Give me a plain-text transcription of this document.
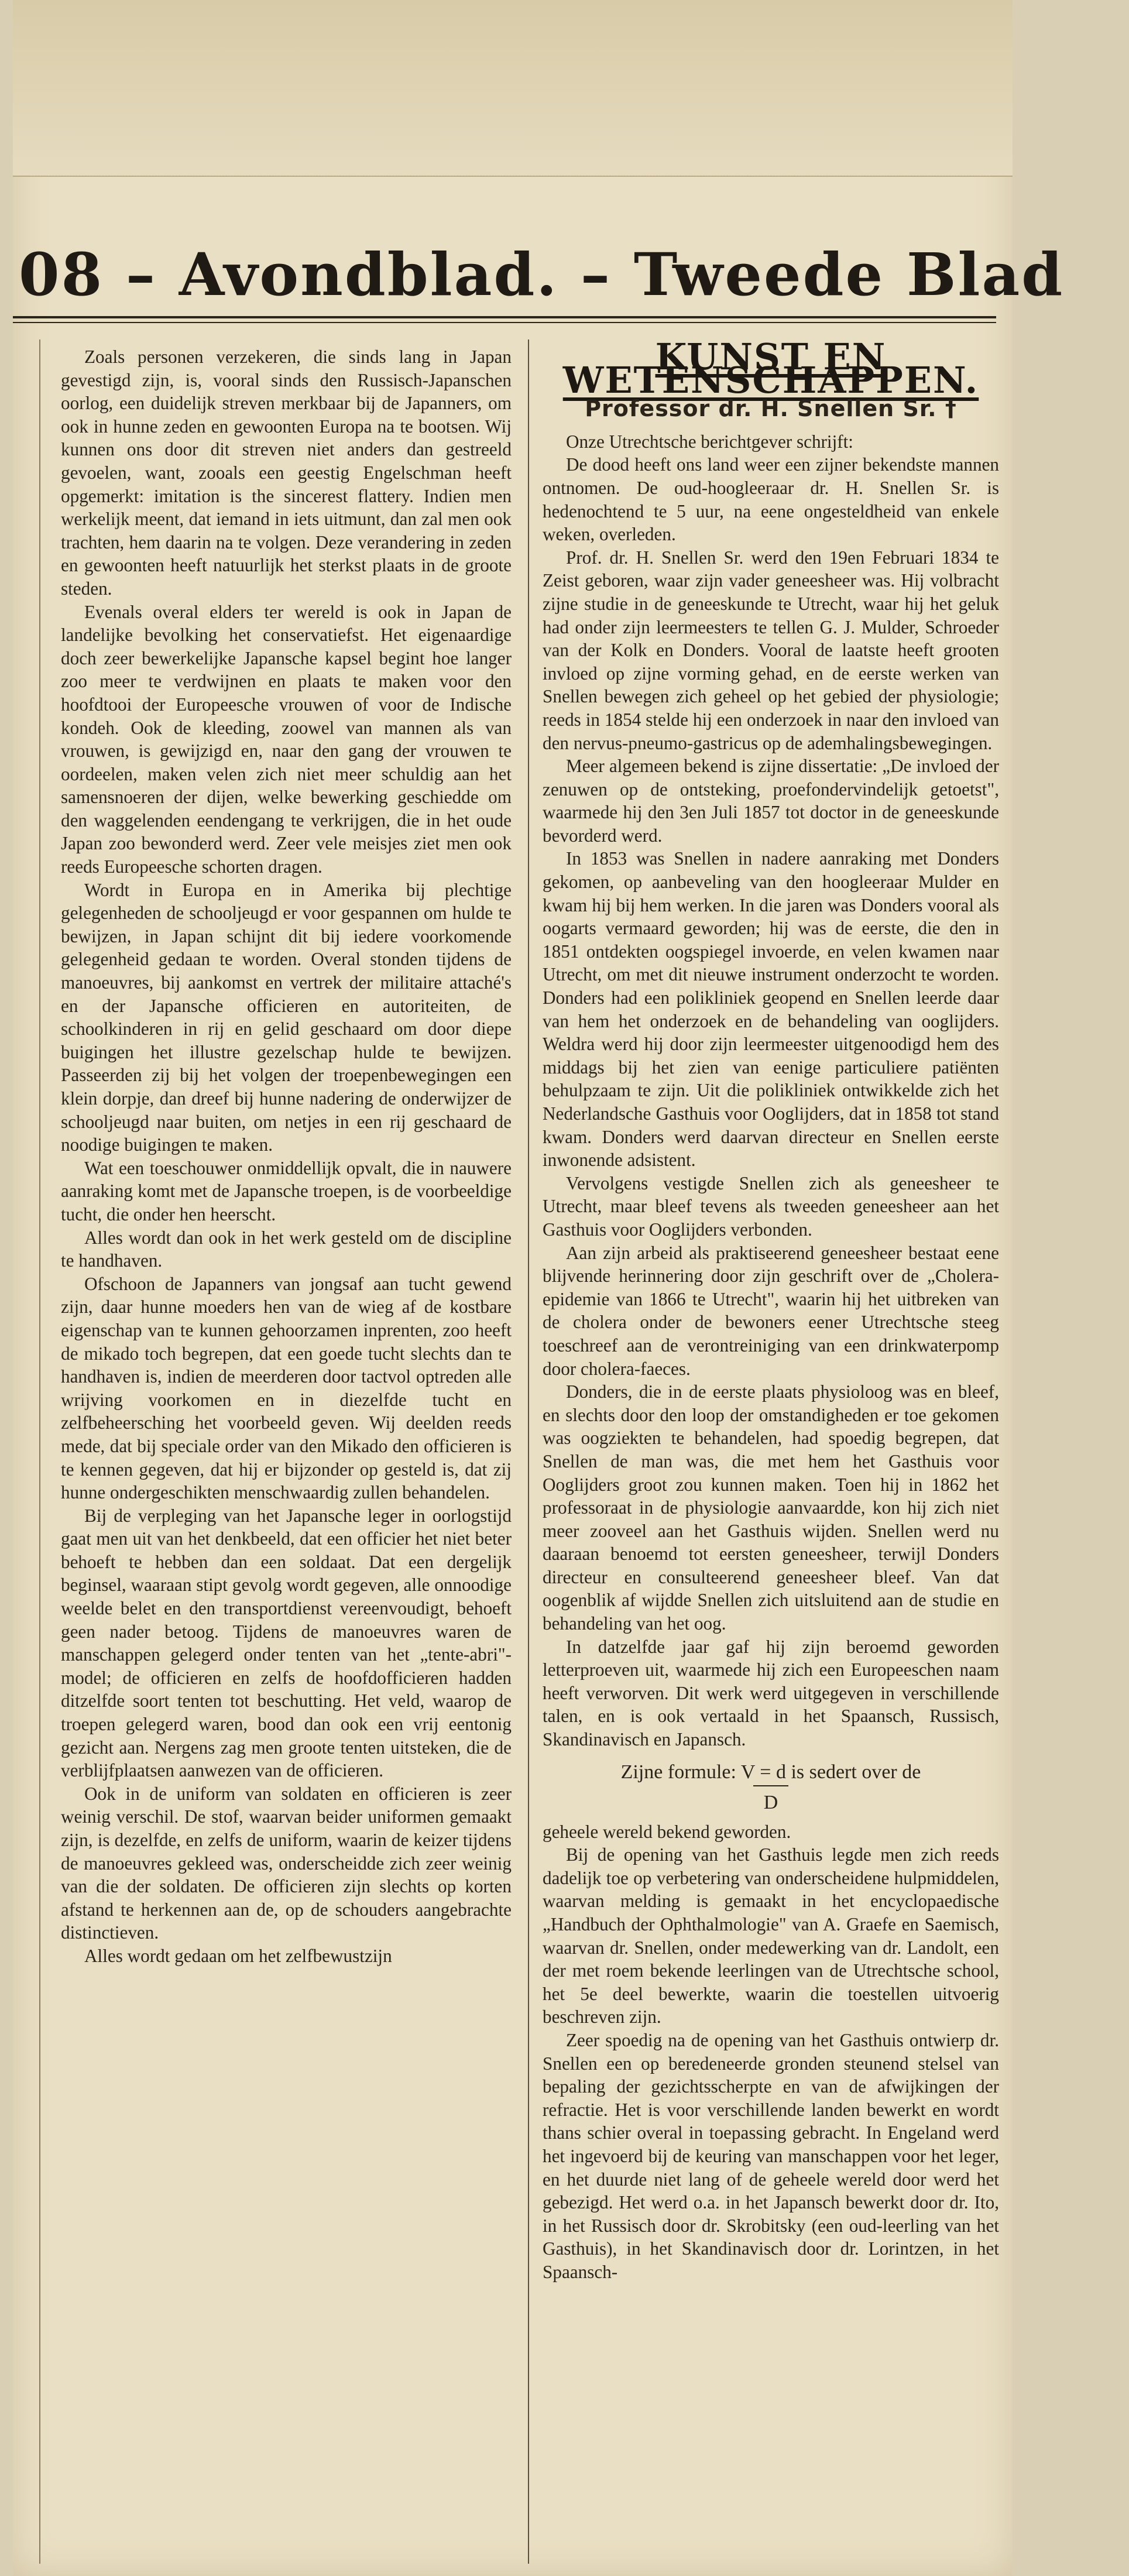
08 – Avondblad. – Tweede Blad

Zoals personen verzekeren, die sinds lang in Japan gevestigd zijn, is, vooral sinds den Russisch-Japanschen oorlog, een duidelijk streven merkbaar bij de Japanners, om ook in hunne zeden en gewoonten Europa na te bootsen. Wij kunnen ons door dit streven niet anders dan gestreeld gevoelen, want, zooals een geestig Engelschman heeft opgemerkt: imitation is the sincerest flattery. Indien men werkelijk meent, dat iemand in iets uitmunt, dan zal men ook trachten, hem daarin na te volgen. Deze verandering in zeden en gewoonten heeft natuurlijk het sterkst plaats in de groote steden.

Evenals overal elders ter wereld is ook in Japan de landelijke bevolking het conservatiefst. Het eigenaardige doch zeer bewerkelijke Japansche kapsel begint hoe langer zoo meer te verdwijnen en plaats te maken voor den hoofdtooi der Europeesche vrouwen of voor de Indische kondeh. Ook de kleeding, zoowel van mannen als van vrouwen, is gewijzigd en, naar den gang der vrouwen te oordeelen, maken velen zich niet meer schuldig aan het samensnoeren der dijen, welke bewerking geschiedde om den waggelenden eendengang te verkrijgen, die in het oude Japan zoo bewonderd werd. Zeer vele meisjes ziet men ook reeds Europeesche schorten dragen.

Wordt in Europa en in Amerika bij plechtige gelegenheden de schooljeugd er voor gespannen om hulde te bewijzen, in Japan schijnt dit bij iedere voorkomende gelegenheid gedaan te worden. Overal stonden tijdens de manoeuvres, bij aankomst en vertrek der militaire attaché's en der Japansche officieren en autoriteiten, de schoolkinderen in rij en gelid geschaard om door diepe buigingen het illustre gezelschap hulde te bewijzen. Passeerden zij bij het volgen der troepenbewegingen een klein dorpje, dan dreef bij hunne nadering de onderwijzer de schooljeugd naar buiten, om netjes in een rij geschaard de noodige buigingen te maken.

Wat een toeschouwer onmiddellijk opvalt, die in nauwere aanraking komt met de Japansche troepen, is de voorbeeldige tucht, die onder hen heerscht.

Alles wordt dan ook in het werk gesteld om de discipline te handhaven.

Ofschoon de Japanners van jongsaf aan tucht gewend zijn, daar hunne moeders hen van de wieg af de kostbare eigenschap van te kunnen gehoorzamen inprenten, zoo heeft de mikado toch begrepen, dat een goede tucht slechts dan te handhaven is, indien de meerderen door tactvol optreden alle wrijving voorkomen en in diezelfde tucht en zelfbeheersching het voorbeeld geven. Wij deelden reeds mede, dat bij speciale order van den Mikado den officieren is te kennen gegeven, dat hij er bijzonder op gesteld is, dat zij hunne ondergeschikten menschwaardig zullen behandelen.

Bij de verpleging van het Japansche leger in oorlogstijd gaat men uit van het denkbeeld, dat een officier het niet beter behoeft te hebben dan een soldaat. Dat een dergelijk beginsel, waaraan stipt gevolg wordt gegeven, alle onnoodige weelde belet en den transportdienst vereenvoudigt, behoeft geen nader betoog. Tijdens de manoeuvres waren de manschappen gelegerd onder tenten van het „tente-abri"-model; de officieren en zelfs de hoofdofficieren hadden ditzelfde soort tenten tot beschutting. Het veld, waarop de troepen gelegerd waren, bood dan ook een vrij eentonig gezicht aan. Nergens zag men groote tenten uitsteken, die de verblijfplaatsen aanwezen van de officieren.

Ook in de uniform van soldaten en officieren is zeer weinig verschil. De stof, waarvan beider uniformen gemaakt zijn, is dezelfde, en zelfs de uniform, waarin de keizer tijdens de manoeuvres gekleed was, onderscheidde zich zeer weinig van die der soldaten. De officieren zijn slechts op korten afstand te herkennen aan de, op de schouders aangebrachte distinctieven.

Alles wordt gedaan om het zelfbewustzijn

KUNST EN WETENSCHAPPEN.
Professor dr. H. Snellen Sr. †

Onze Utrechtsche berichtgever schrijft:

De dood heeft ons land weer een zijner bekendste mannen ontnomen. De oud-hoogleeraar dr. H. Snellen Sr. is hedenochtend te 5 uur, na eene ongesteldheid van enkele weken, overleden.

Prof. dr. H. Snellen Sr. werd den 19en Februari 1834 te Zeist geboren, waar zijn vader geneesheer was. Hij volbracht zijne studie in de geneeskunde te Utrecht, waar hij het geluk had onder zijn leermeesters te tellen G. J. Mulder, Schroeder van der Kolk en Donders. Vooral de laatste heeft grooten invloed op zijne vorming gehad, en de eerste werken van Snellen bewegen zich geheel op het gebied der physiologie; reeds in 1854 stelde hij een onderzoek in naar den invloed van den nervus-pneumo-gastricus op de ademhalingsbewegingen.

Meer algemeen bekend is zijne dissertatie: „De invloed der zenuwen op de ontsteking, proefondervindelijk getoetst", waarmede hij den 3en Juli 1857 tot doctor in de geneeskunde bevorderd werd.

In 1853 was Snellen in nadere aanraking met Donders gekomen, op aanbeveling van den hoogleeraar Mulder en kwam hij bij hem werken. In die jaren was Donders vooral als oogarts vermaard geworden; hij was de eerste, die den in 1851 ontdekten oogspiegel invoerde, en velen kwamen naar Utrecht, om met dit nieuwe instrument onderzocht te worden. Donders had een polikliniek geopend en Snellen leerde daar van hem het onderzoek en de behandeling van ooglijders. Weldra werd hij door zijn leermeester uitgenoodigd hem des middags bij het zien van eenige particuliere patiënten behulpzaam te zijn. Uit die polikliniek ontwikkelde zich het Nederlandsche Gasthuis voor Ooglijders, dat in 1858 tot stand kwam. Donders werd daarvan directeur en Snellen eerste inwonende adsistent.

Vervolgens vestigde Snellen zich als geneesheer te Utrecht, maar bleef tevens als tweeden geneesheer aan het Gasthuis voor Ooglijders verbonden.

Aan zijn arbeid als praktiseerend geneesheer bestaat eene blijvende herinnering door zijn geschrift over de „Cholera-epidemie van 1866 te Utrecht", waarin hij het uitbreken van de cholera onder de bewoners eener Utrechtsche steeg toeschreef aan de verontreiniging van een drinkwaterpomp door cholera-faeces.

Donders, die in de eerste plaats physioloog was en bleef, en slechts door den loop der omstandigheden er toe gekomen was oogziekten te behandelen, had spoedig begrepen, dat Snellen de man was, die met hem het Gasthuis voor Ooglijders groot zou kunnen maken. Toen hij in 1862 het professoraat in de physiologie aanvaardde, kon hij zich niet meer zooveel aan het Gasthuis wijden. Snellen werd nu daaraan benoemd tot eersten geneesheer, terwijl Donders directeur en consulteerend geneesheer bleef. Van dat oogenblik af wijdde Snellen zich uitsluitend aan de studie en behandeling van het oog.

In datzelfde jaar gaf hij zijn beroemd geworden letterproeven uit, waarmede hij zich een Europeeschen naam heeft verworven. Dit werk werd uitgegeven in verschillende talen, en is ook vertaald in het Spaansch, Russisch, Skandinavisch en Japansch.

Zijne formule: V = d is sedert over de
D

geheele wereld bekend geworden.

Bij de opening van het Gasthuis legde men zich reeds dadelijk toe op verbetering van onderscheidene hulpmiddelen, waarvan melding is gemaakt in het encyclopaedische „Handbuch der Ophthalmologie" van A. Graefe en Saemisch, waarvan dr. Snellen, onder medewerking van dr. Landolt, een der met roem bekende leerlingen van de Utrechtsche school, het 5e deel bewerkte, waarin die toestellen uitvoerig beschreven zijn.

Zeer spoedig na de opening van het Gasthuis ontwierp dr. Snellen een op beredeneerde gronden steunend stelsel van bepaling der gezichtsscherpte en van de afwijkingen der refractie. Het is voor verschillende landen bewerkt en wordt thans schier overal in toepassing gebracht. In Engeland werd het ingevoerd bij de keuring van manschappen voor het leger, en het duurde niet lang of de geheele wereld door werd het gebezigd. Het werd o.a. in het Japansch bewerkt door dr. Ito, in het Russisch door dr. Skrobitsky (een oud-leerling van het Gasthuis), in het Skandinavisch door dr. Lorintzen, in het Spaansch-
